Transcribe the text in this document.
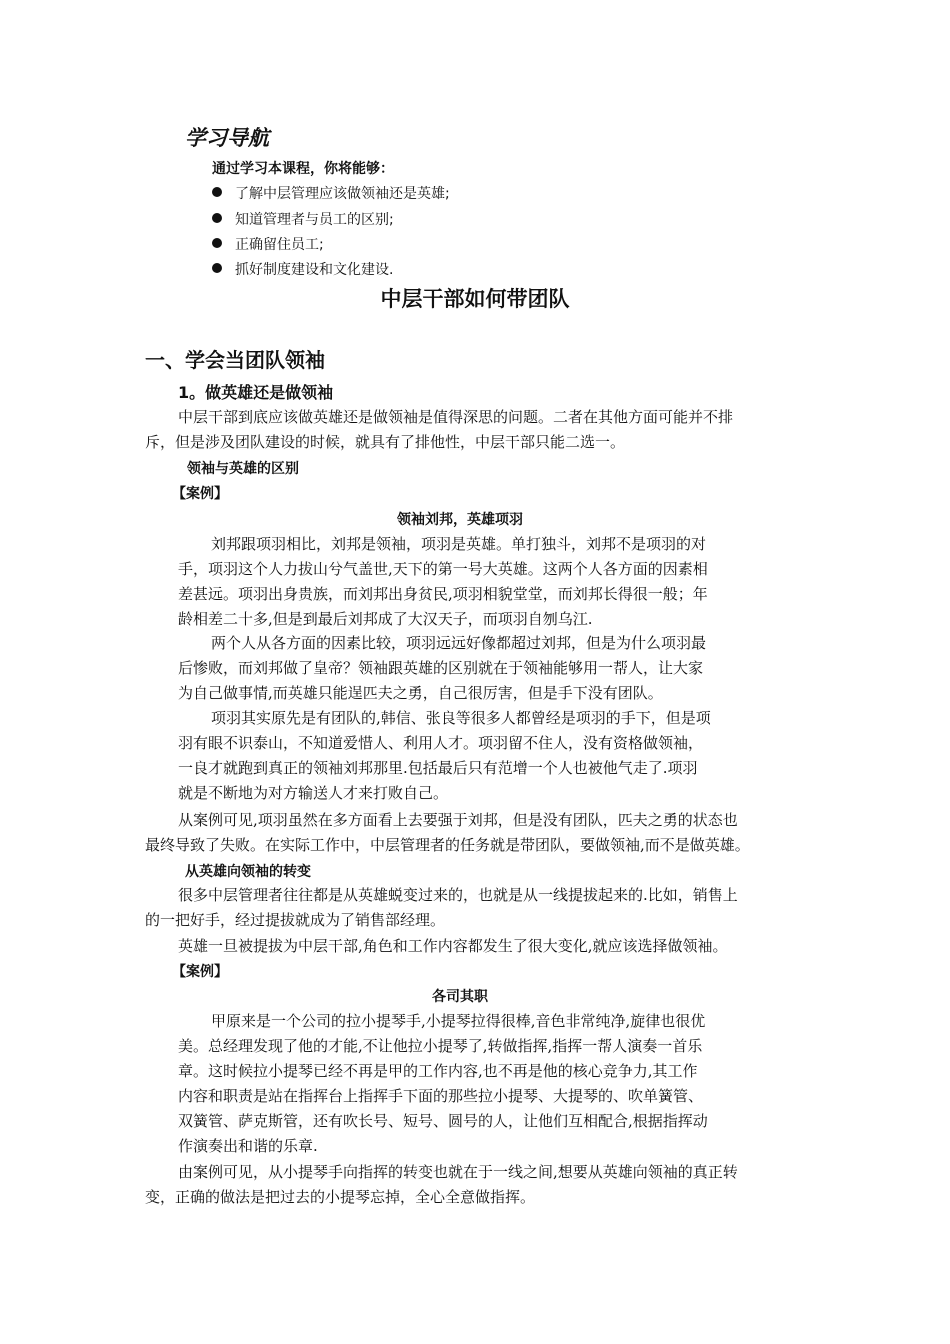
学习导航
通过学习本课程，你将能够：
了解中层管理应该做领袖还是英雄;
知道管理者与员工的区别;
正确留住员工;
抓好制度建设和文化建设.
中层干部如何带团队
一、学会当团队领袖
1。做英雄还是做领袖
中层干部到底应该做英雄还是做领袖是值得深思的问题。二者在其他方面可能并不排
斥，但是涉及团队建设的时候，就具有了排他性，中层干部只能二选一。
领袖与英雄的区别
【案例】
领袖刘邦，英雄项羽
刘邦跟项羽相比，刘邦是领袖，项羽是英雄。单打独斗，刘邦不是项羽的对
手，项羽这个人力拔山兮气盖世,天下的第一号大英雄。这两个人各方面的因素相
差甚远。项羽出身贵族，而刘邦出身贫民,项羽相貌堂堂，而刘邦长得很一般；年
龄相差二十多,但是到最后刘邦成了大汉天子，而项羽自刎乌江.
两个人从各方面的因素比较，项羽远远好像都超过刘邦，但是为什么项羽最
后惨败，而刘邦做了皇帝？领袖跟英雄的区别就在于领袖能够用一帮人，让大家
为自己做事情,而英雄只能逞匹夫之勇，自己很厉害，但是手下没有团队。
项羽其实原先是有团队的,韩信、张良等很多人都曾经是项羽的手下，但是项
羽有眼不识泰山，不知道爱惜人、利用人才。项羽留不住人，没有资格做领袖，
一良才就跑到真正的领袖刘邦那里.包括最后只有范增一个人也被他气走了.项羽
就是不断地为对方输送人才来打败自己。
从案例可见,项羽虽然在多方面看上去要强于刘邦，但是没有团队，匹夫之勇的状态也
最终导致了失败。在实际工作中，中层管理者的任务就是带团队，要做领袖,而不是做英雄。
从英雄向领袖的转变
很多中层管理者往往都是从英雄蜕变过来的，也就是从一线提拔起来的.比如，销售上
的一把好手，经过提拔就成为了销售部经理。
英雄一旦被提拔为中层干部,角色和工作内容都发生了很大变化,就应该选择做领袖。
【案例】
各司其职
甲原来是一个公司的拉小提琴手,小提琴拉得很棒,音色非常纯净,旋律也很优
美。总经理发现了他的才能,不让他拉小提琴了,转做指挥,指挥一帮人演奏一首乐
章。这时候拉小提琴已经不再是甲的工作内容,也不再是他的核心竞争力,其工作
内容和职责是站在指挥台上指挥手下面的那些拉小提琴、大提琴的、吹单簧管、
双簧管、萨克斯管，还有吹长号、短号、圆号的人，让他们互相配合,根据指挥动
作演奏出和谐的乐章.
由案例可见，从小提琴手向指挥的转变也就在于一线之间,想要从英雄向领袖的真正转
变，正确的做法是把过去的小提琴忘掉，全心全意做指挥。
